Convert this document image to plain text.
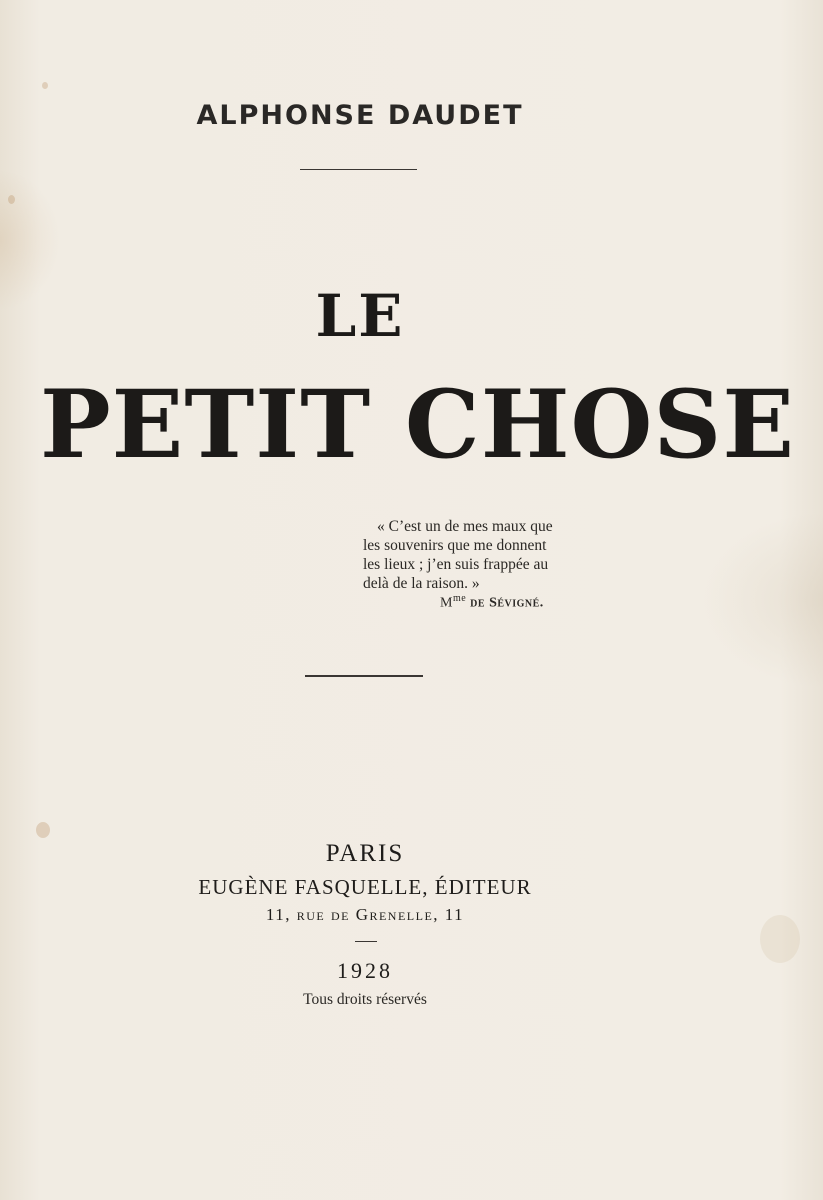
ALPHONSE DAUDET
LE
PETIT CHOSE
« C’est un de mes maux que
les souvenirs que me donnent
les lieux ; j’en suis frappée au
delà de la raison. »
$M^{me}$ de Sévigné.
PARIS
EUGÈNE FASQUELLE, ÉDITEUR
11, rue de Grenelle, 11
1928
Tous droits réservés
